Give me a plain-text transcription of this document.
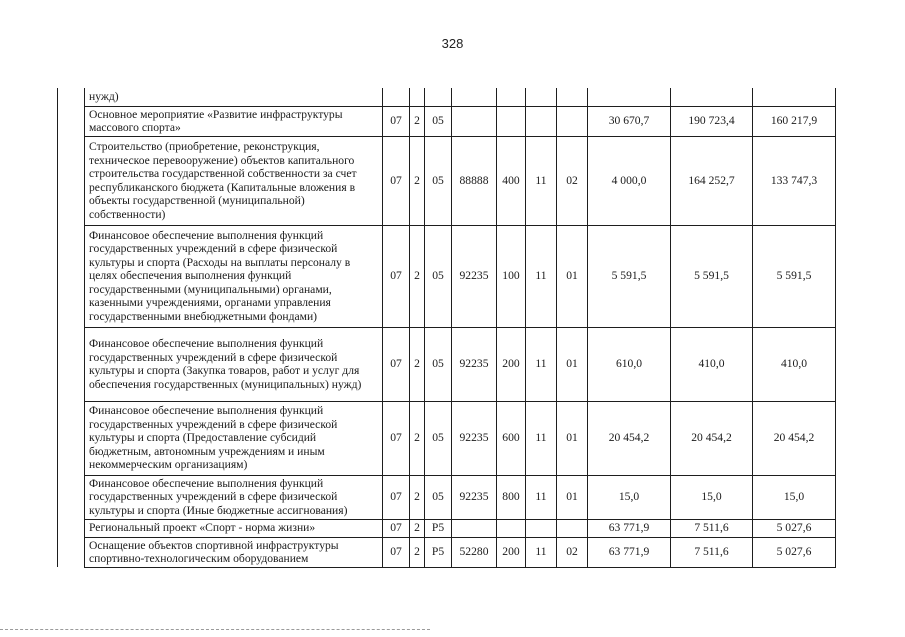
328
	нужд)										
	Основное мероприятие «Развитие инфраструктуры массового спорта»	07	2	05					30 670,7	190 723,4	160 217,9
	Строительство (приобретение, реконструкция, техническое перевооружение) объектов капитального строительства государственной собственности за счет республиканского бюджета (Капитальные вложения в объекты государственной (муниципальной) собственности)	07	2	05	88888	400	11	02	4 000,0	164 252,7	133 747,3
	Финансовое обеспечение выполнения функций государственных учреждений в сфере физической культуры и спорта (Расходы на выплаты персоналу в целях обеспечения выполнения функций государственными (муниципальными) органами, казенными учреждениями, органами управления государственными внебюджетными фондами)	07	2	05	92235	100	11	01	5 591,5	5 591,5	5 591,5
	Финансовое обеспечение выполнения функций государственных учреждений в сфере физической культуры и спорта (Закупка товаров, работ и услуг для обеспечения государственных (муниципальных) нужд)	07	2	05	92235	200	11	01	610,0	410,0	410,0
	Финансовое обеспечение выполнения функций государственных учреждений в сфере физической культуры и спорта (Предоставление субсидий бюджетным, автономным учреждениям и иным некоммерческим организациям)	07	2	05	92235	600	11	01	20 454,2	20 454,2	20 454,2
	Финансовое обеспечение выполнения функций государственных учреждений в сфере физической культуры и спорта (Иные бюджетные ассигнования)	07	2	05	92235	800	11	01	15,0	15,0	15,0
	Региональный проект «Спорт - норма жизни»	07	2	P5					63 771,9	7 511,6	5 027,6
	Оснащение объектов спортивной инфраструктуры спортивно-технологическим оборудованием	07	2	P5	52280	200	11	02	63 771,9	7 511,6	5 027,6
